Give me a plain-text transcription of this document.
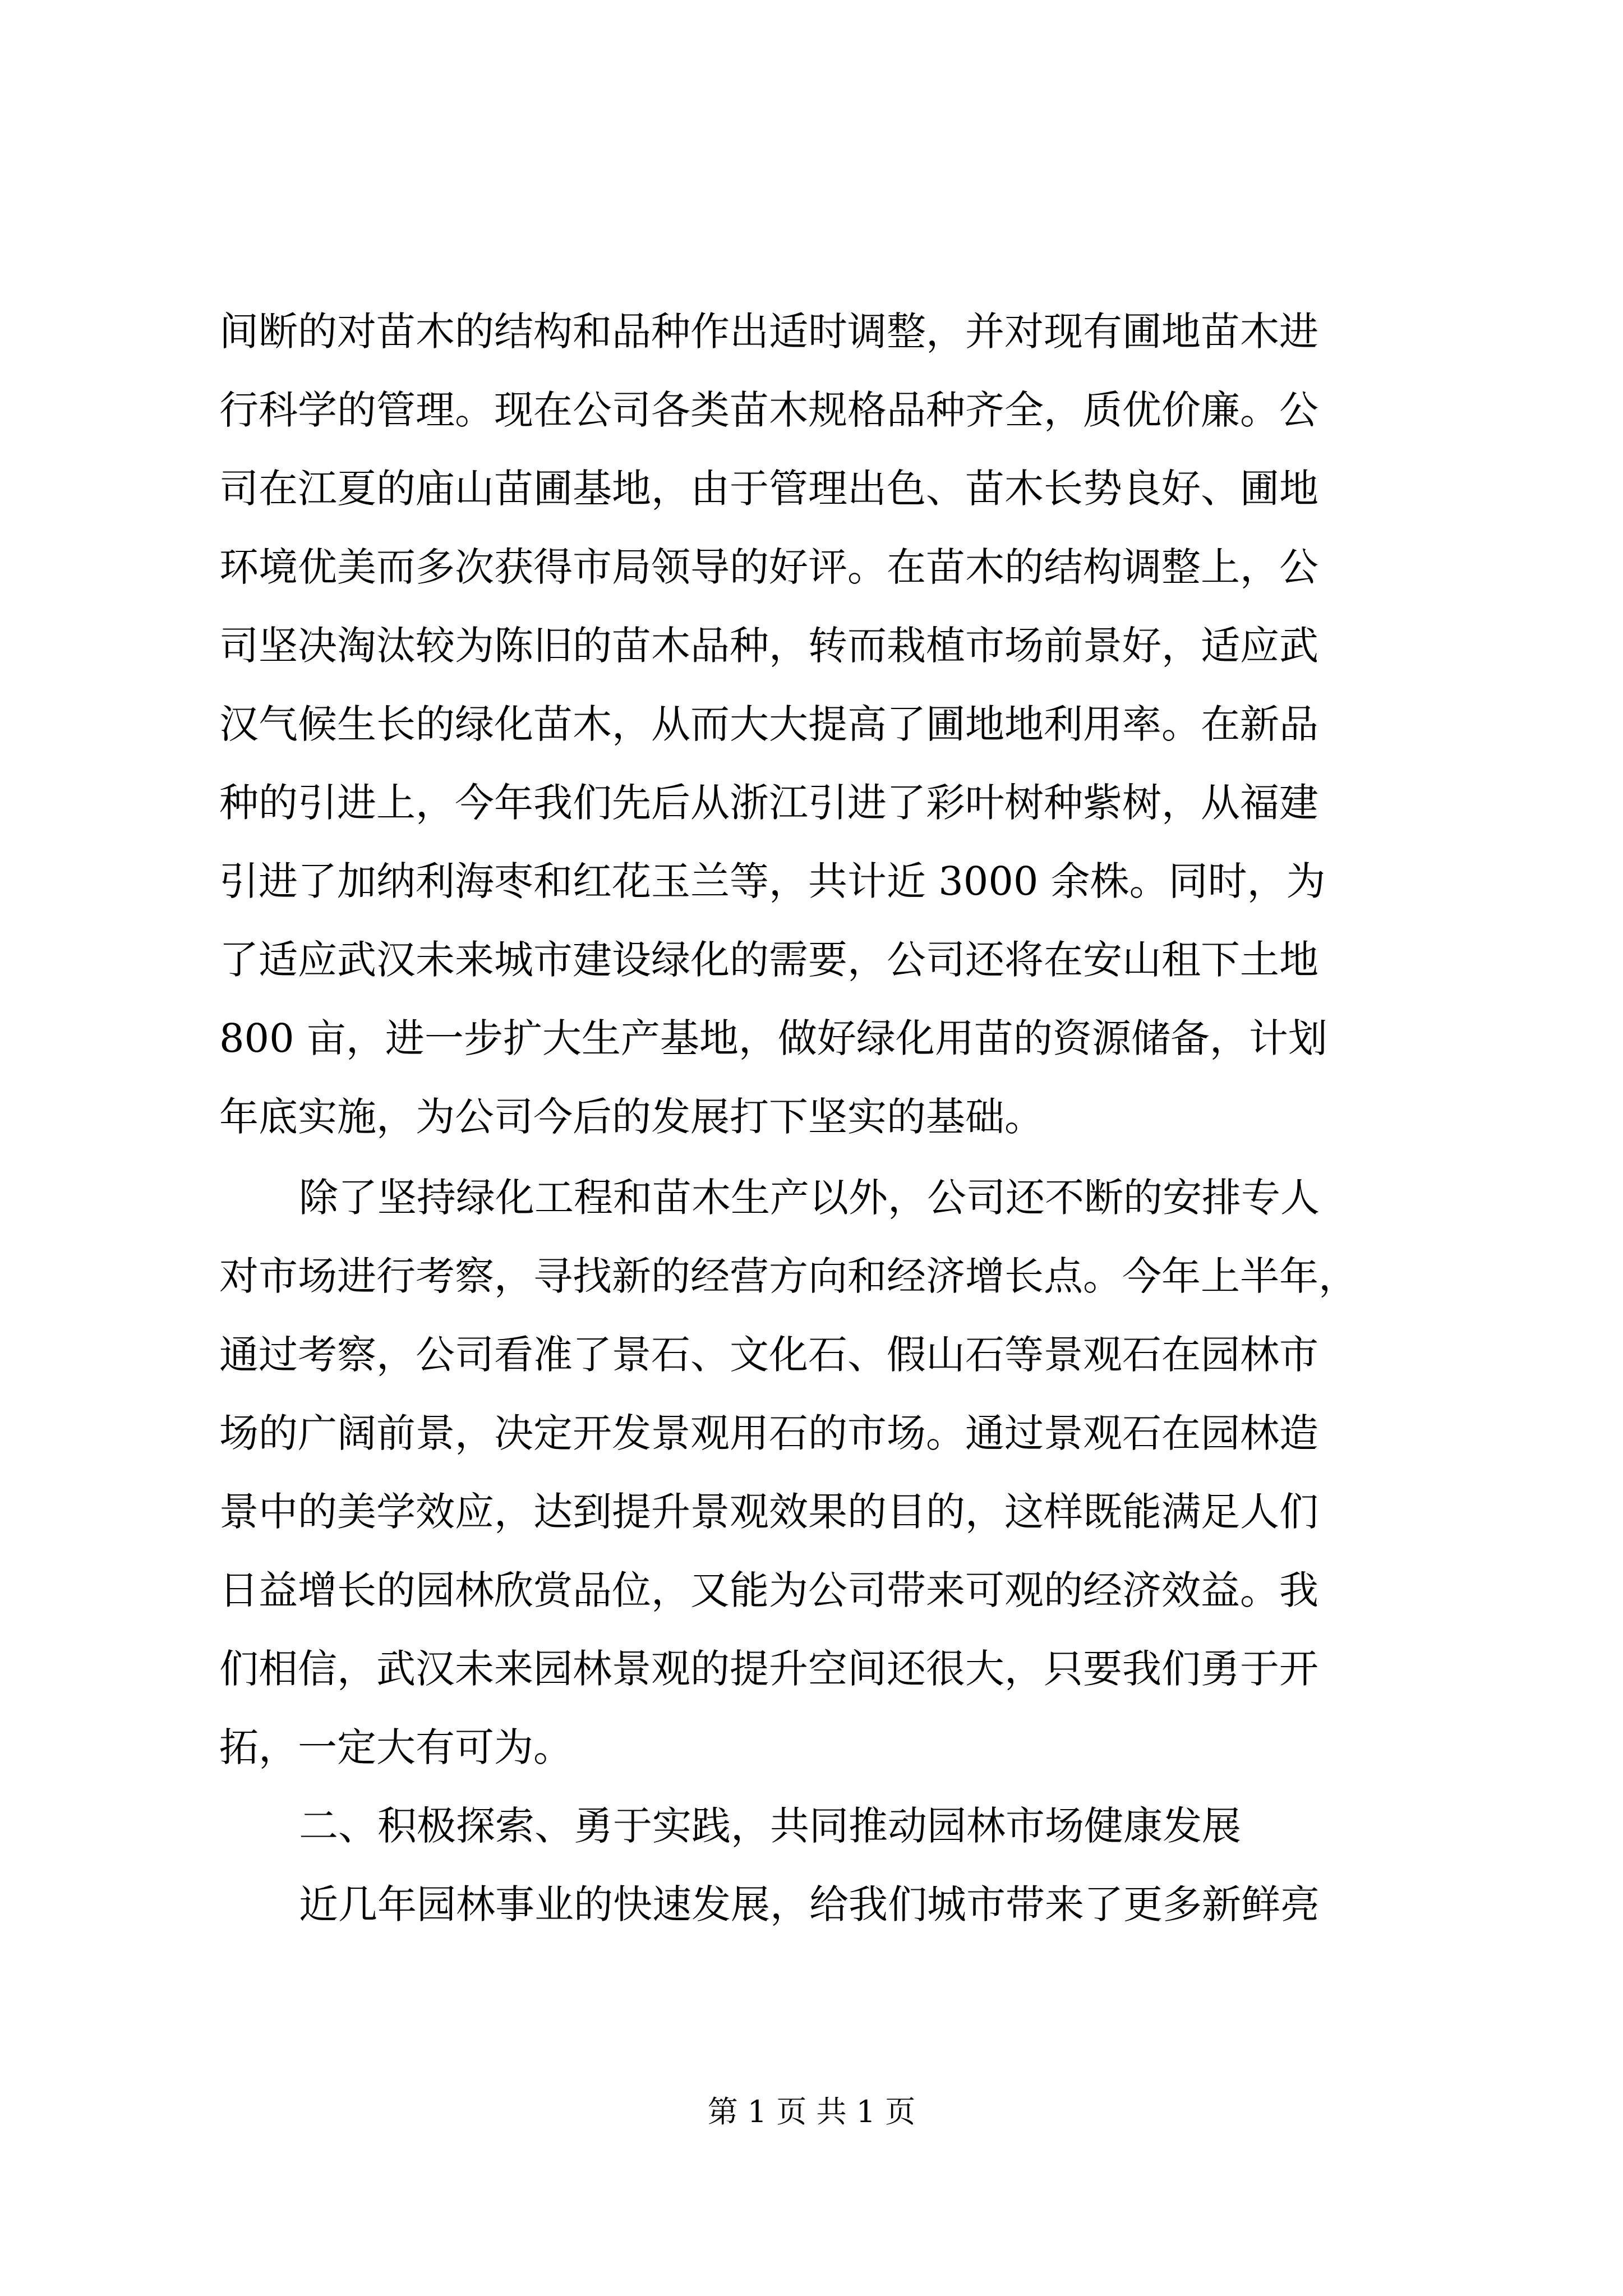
间断的对苗木的结构和品种作出适时调整，并对现有圃地苗木进
行科学的管理。现在公司各类苗木规格品种齐全，质优价廉。公
司在江夏的庙山苗圃基地，由于管理出色、苗木长势良好、圃地
环境优美而多次获得市局领导的好评。在苗木的结构调整上，公
司坚决淘汰较为陈旧的苗木品种，转而栽植市场前景好，适应武
汉气候生长的绿化苗木，从而大大提高了圃地地利用率。在新品
种的引进上，今年我们先后从浙江引进了彩叶树种紫树，从福建
引进了加纳利海枣和红花玉兰等，共计近 3000 余株。同时，为
了适应武汉未来城市建设绿化的需要，公司还将在安山租下土地
800 亩，进一步扩大生产基地，做好绿化用苗的资源储备，计划
年底实施，为公司今后的发展打下坚实的基础。
除了坚持绿化工程和苗木生产以外，公司还不断的安排专人
对市场进行考察，寻找新的经营方向和经济增长点。今年上半年，
通过考察，公司看准了景石、文化石、假山石等景观石在园林市
场的广阔前景，决定开发景观用石的市场。通过景观石在园林造
景中的美学效应，达到提升景观效果的目的，这样既能满足人们
日益增长的园林欣赏品位，又能为公司带来可观的经济效益。我
们相信，武汉未来园林景观的提升空间还很大，只要我们勇于开
拓，一定大有可为。
二、积极探索、勇于实践，共同推动园林市场健康发展
近几年园林事业的快速发展，给我们城市带来了更多新鲜亮
第 1 页 共 1 页
